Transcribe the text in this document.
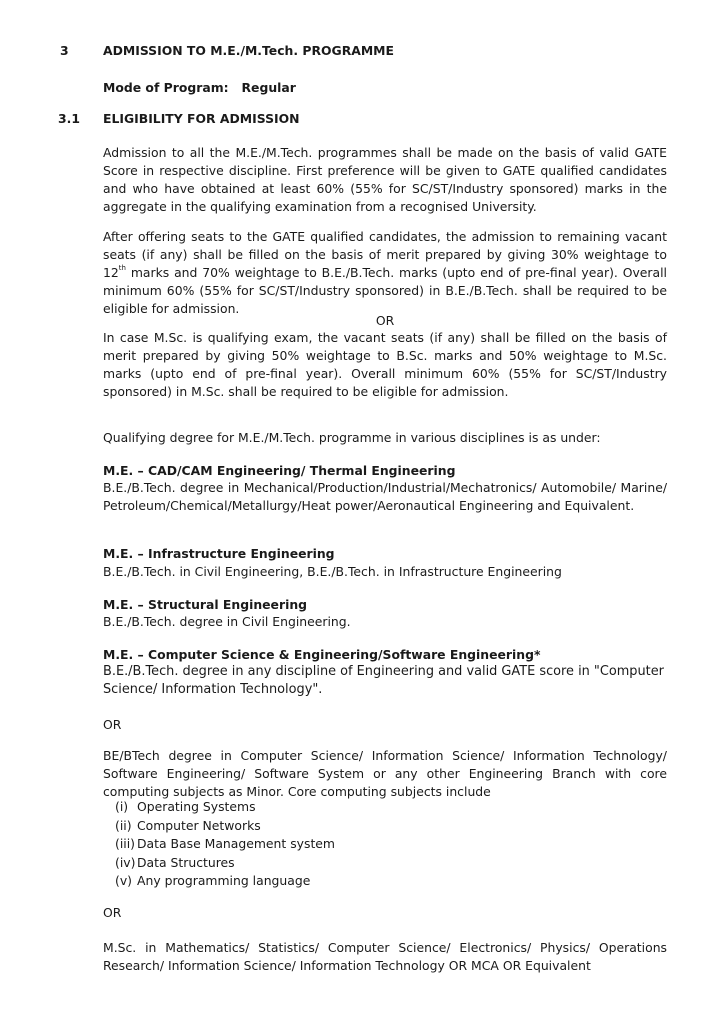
3	ADMISSION TO M.E./M.Tech. PROGRAMME
Mode of Program: Regular
3.1 ELIGIBILITY FOR ADMISSION
Admission to all the M.E./M.Tech. programmes shall be made on the basis of valid GATE Score in respective discipline. First preference will be given to GATE qualified candidates and who have obtained at least 60% (55% for SC/ST/Industry sponsored) marks in the aggregate in the qualifying examination from a recognised University.
After offering seats to the GATE qualified candidates, the admission to remaining vacant seats (if any) shall be filled on the basis of merit prepared by giving 30% weightage to 12th marks and 70% weightage to B.E./B.Tech. marks (upto end of pre-final year). Overall minimum 60% (55% for SC/ST/Industry sponsored) in B.E./B.Tech. shall be required to be eligible for admission.
OR
In case M.Sc. is qualifying exam, the vacant seats (if any) shall be filled on the basis of merit prepared by giving 50% weightage to B.Sc. marks and 50% weightage to M.Sc. marks (upto end of pre-final year). Overall minimum 60% (55% for SC/ST/Industry sponsored) in M.Sc. shall be required to be eligible for admission.
Qualifying degree for M.E./M.Tech. programme in various disciplines is as under:
M.E. – CAD/CAM Engineering/ Thermal Engineering
B.E./B.Tech. degree in Mechanical/Production/Industrial/Mechatronics/ Automobile/ Marine/ Petroleum/Chemical/Metallurgy/Heat power/Aeronautical Engineering and Equivalent.
M.E. – Infrastructure Engineering
B.E./B.Tech. in Civil Engineering, B.E./B.Tech. in Infrastructure Engineering
M.E. – Structural Engineering
B.E./B.Tech. degree in Civil Engineering.
M.E. – Computer Science & Engineering/Software Engineering*
B.E./B.Tech. degree in any discipline of Engineering and valid GATE score in "Computer Science/ Information Technology".
OR
BE/BTech degree in Computer Science/ Information Science/ Information Technology/ Software Engineering/ Software System or any other Engineering Branch with core computing subjects as Minor. Core computing subjects include
(i) Operating Systems
(ii) Computer Networks
(iii) Data Base Management system
(iv) Data Structures
(v) Any programming language
OR
M.Sc. in Mathematics/ Statistics/ Computer Science/ Electronics/ Physics/ Operations Research/ Information Science/ Information Technology OR MCA OR Equivalent
